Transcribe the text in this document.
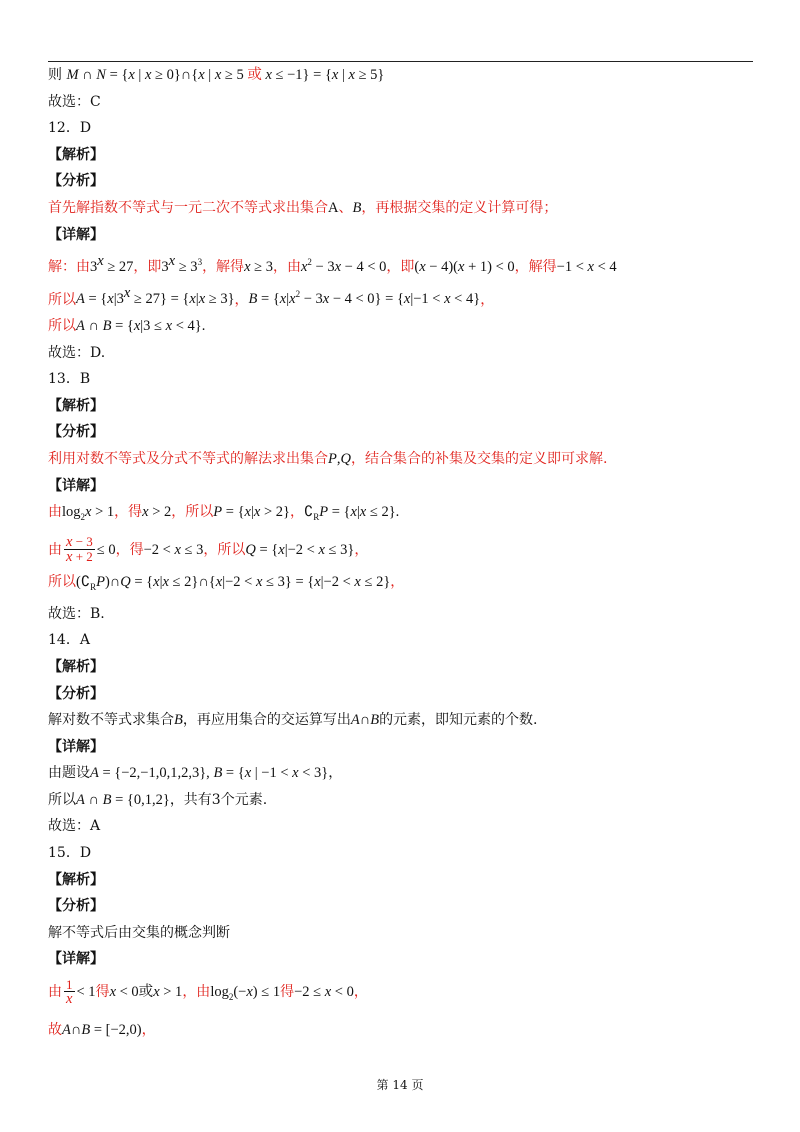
则 M ∩ N = {x | x ≥ 0}∩{x | x ≥ 5 或 x ≤ −1} = {x | x ≥ 5}
故选：C
12．D
【解析】
【分析】
首先解指数不等式与一元二次不等式求出集合A、B，再根据交集的定义计算可得；
【详解】
解：由$3^x \ge 27$，即$3^x \ge 3^3$，解得x ≥ 3，由$x^2 - 3x - 4 < 0$，即(x − 4)(x + 1) < 0，解得−1 < x < 4
所以$A = \{x|3^x \ge 27\} = \{x|x \ge 3\}$，$B = \{x|x^2 - 3x - 4 < 0\} = \{x|-1 < x < 4\}$，
所以A ∩ B = {x|3 ≤ x < 4}.
故选：D.
13．B
【解析】
【分析】
利用对数不等式及分式不等式的解法求出集合P,Q，结合集合的补集及交集的定义即可求解.
【详解】
由$\log_2x > 1$，得x > 2，所以P = {x|x > 2}，$∁_RP = \{x|x \le 2\}$.
由 $\frac{x - 3}{x + 2} \le 0$，得−2 < x ≤ 3，所以Q = {x|−2 < x ≤ 3}，
所以$(∁_RP)\cap Q = \{x|x$ ≤ 2}∩{x|−2 < x ≤ 3} = {x|−2 < x ≤ 2}，
故选：B.
14．A
【解析】
【分析】
解对数不等式求集合B，再应用集合的交运算写出A∩B的元素，即知元素的个数.
【详解】
由题设A = {−2,−1,0,1,2,3}, B = {x | −1 < x < 3}，
所以A ∩ B = {0,1,2}，共有3个元素.
故选：A
15．D
【解析】
【分析】
解不等式后由交集的概念判断
【详解】
由 $\frac{1}{x} < 1$得x < 0或x > 1，由$\log_2(-x) \le 1$得−2 ≤ x < 0，
故A∩B = [−2,0)，
第 14 页
